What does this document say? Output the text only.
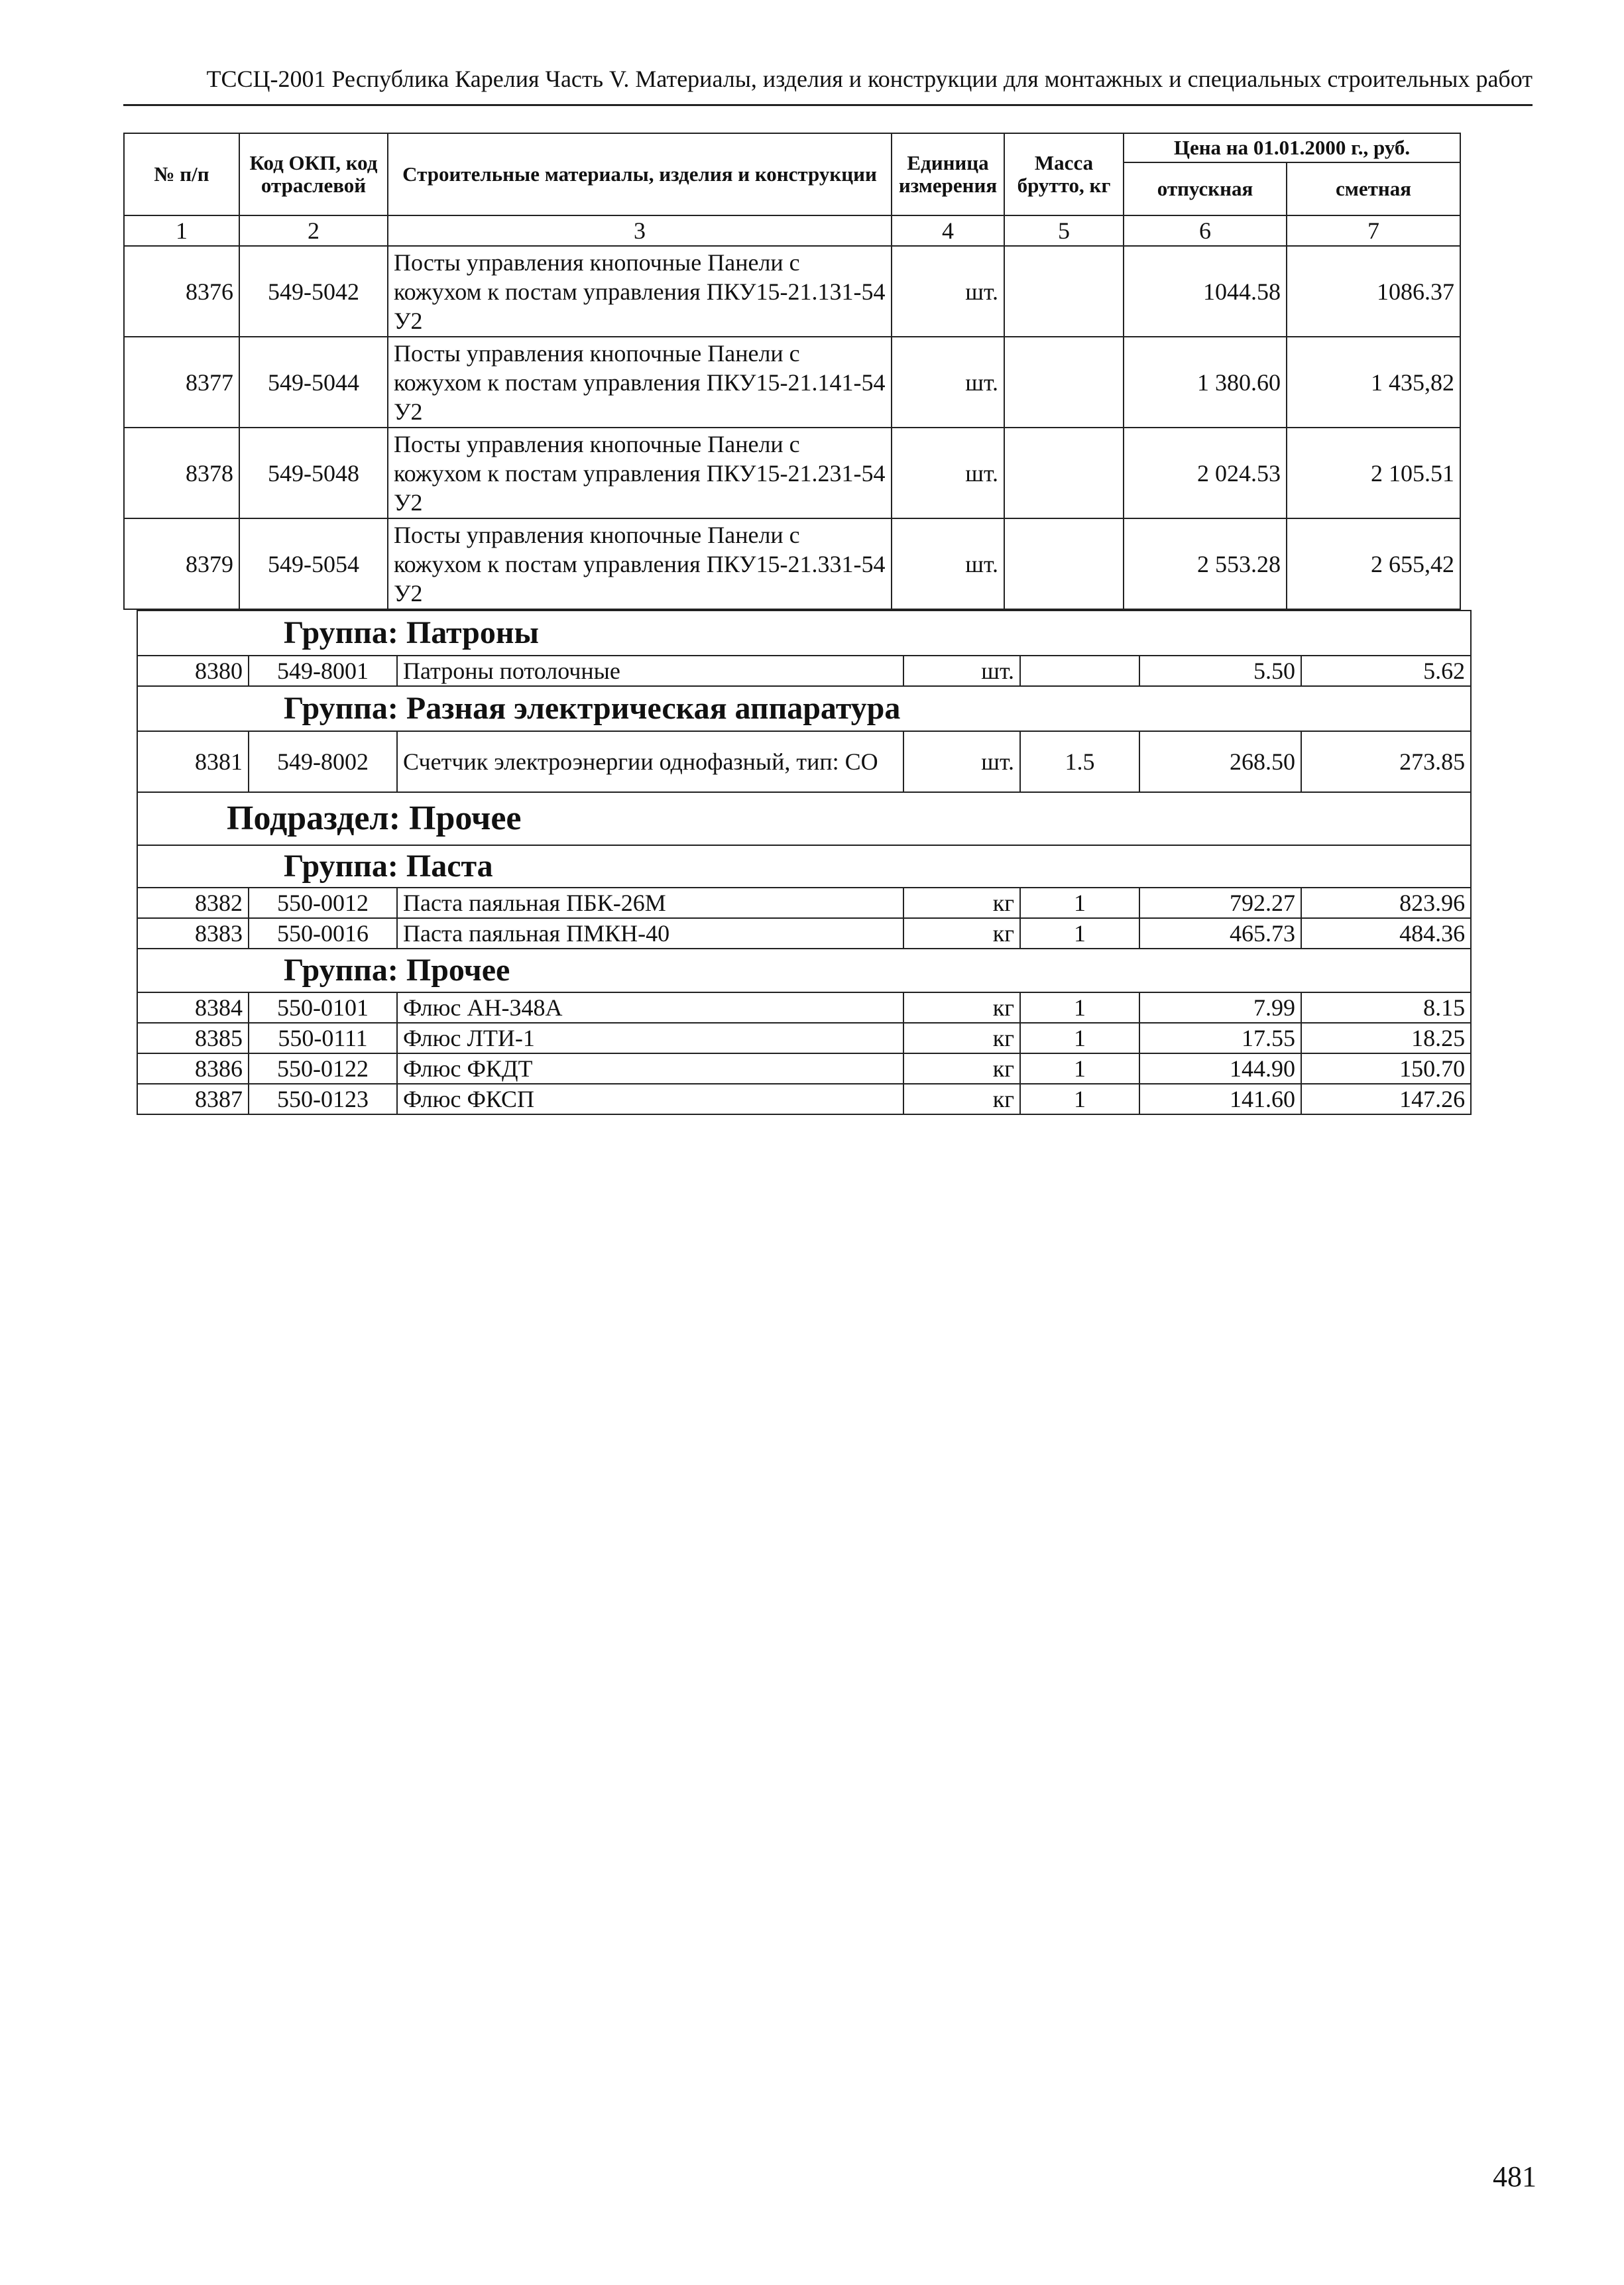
ТССЦ-2001 Республика Карелия Часть V. Материалы, изделия и конструкции для монтажных и специальных строительных работ
№ п/п	Код ОКП, код отраслевой	Строительные материалы, изделия и конструкции	Единица измерения	Масса брутто, кг	Цена на 01.01.2000 г., руб.	
					отпускная	сметная
1	2	3	4	5	6	7
8376	549-5042	Посты управления кнопочные Панели с кожухом к постам управления ПКУ15-21.131-54 У2	шт.		1044.58	1086.37
8377	549-5044	Посты управления кнопочные Панели с кожухом к постам управления ПКУ15-21.141-54 У2	шт.		1 380.60	1 435,82
8378	549-5048	Посты управления кнопочные Панели с кожухом к постам управления ПКУ15-21.231-54 У2	шт.		2 024.53	2 105.51
8379	549-5054	Посты управления кнопочные Панели с кожухом к постам управления ПКУ15-21.331-54 У2	шт.		2 553.28	2 655,42
Группа: Патроны						
8380	549-8001	Патроны потолочные	шт.		5.50	5.62
Группа: Разная электрическая аппаратура						
8381	549-8002	Счетчик электроэнергии однофазный, тип: СО	шт.	1.5	268.50	273.85
Подраздел: Прочее						
Группа: Паста						
8382	550-0012	Паста паяльная ПБК-26М	кг	1	792.27	823.96
8383	550-0016	Паста паяльная ПМКН-40	кг	1	465.73	484.36
Группа: Прочее						
8384	550-0101	Флюс АН-348А	кг	1	7.99	8.15
8385	550-0111	Флюс ЛТИ-1	кг	1	17.55	18.25
8386	550-0122	Флюс ФКДТ	кг	1	144.90	150.70
8387	550-0123	Флюс ФКСП	кг	1	141.60	147.26
481
